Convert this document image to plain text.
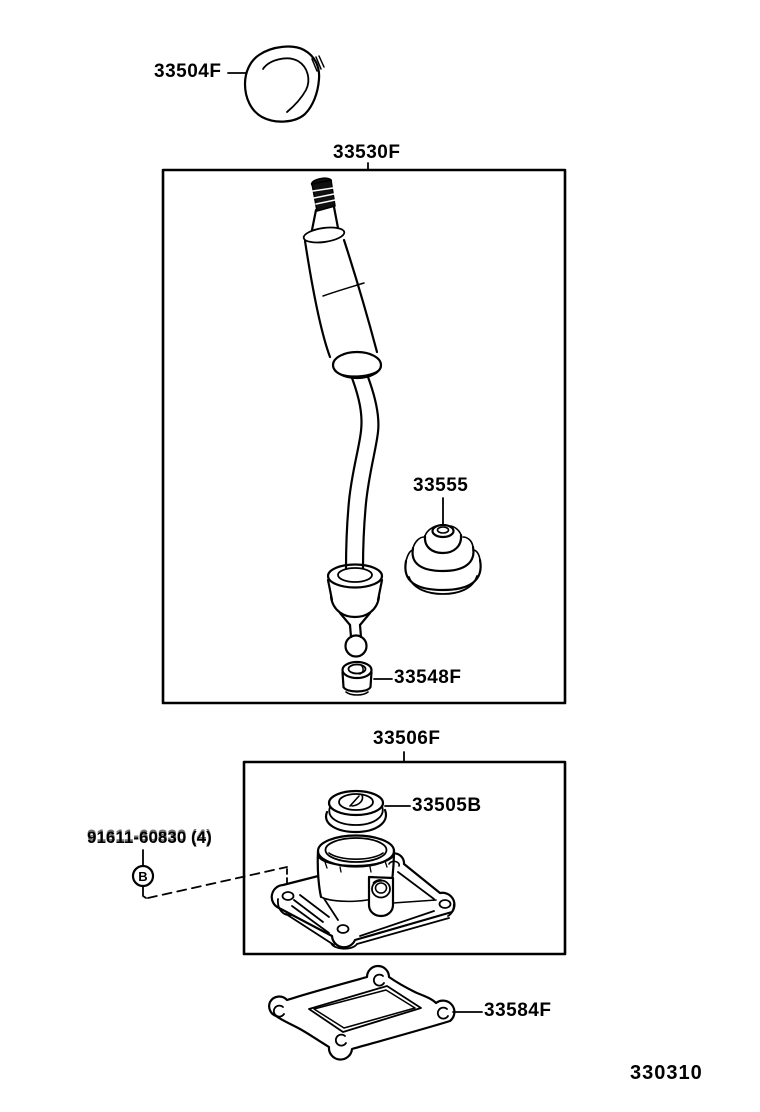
33504F
33530F
33555
33548F
33506F
33505B
91611-60830 (4)
B
33584F
330310
